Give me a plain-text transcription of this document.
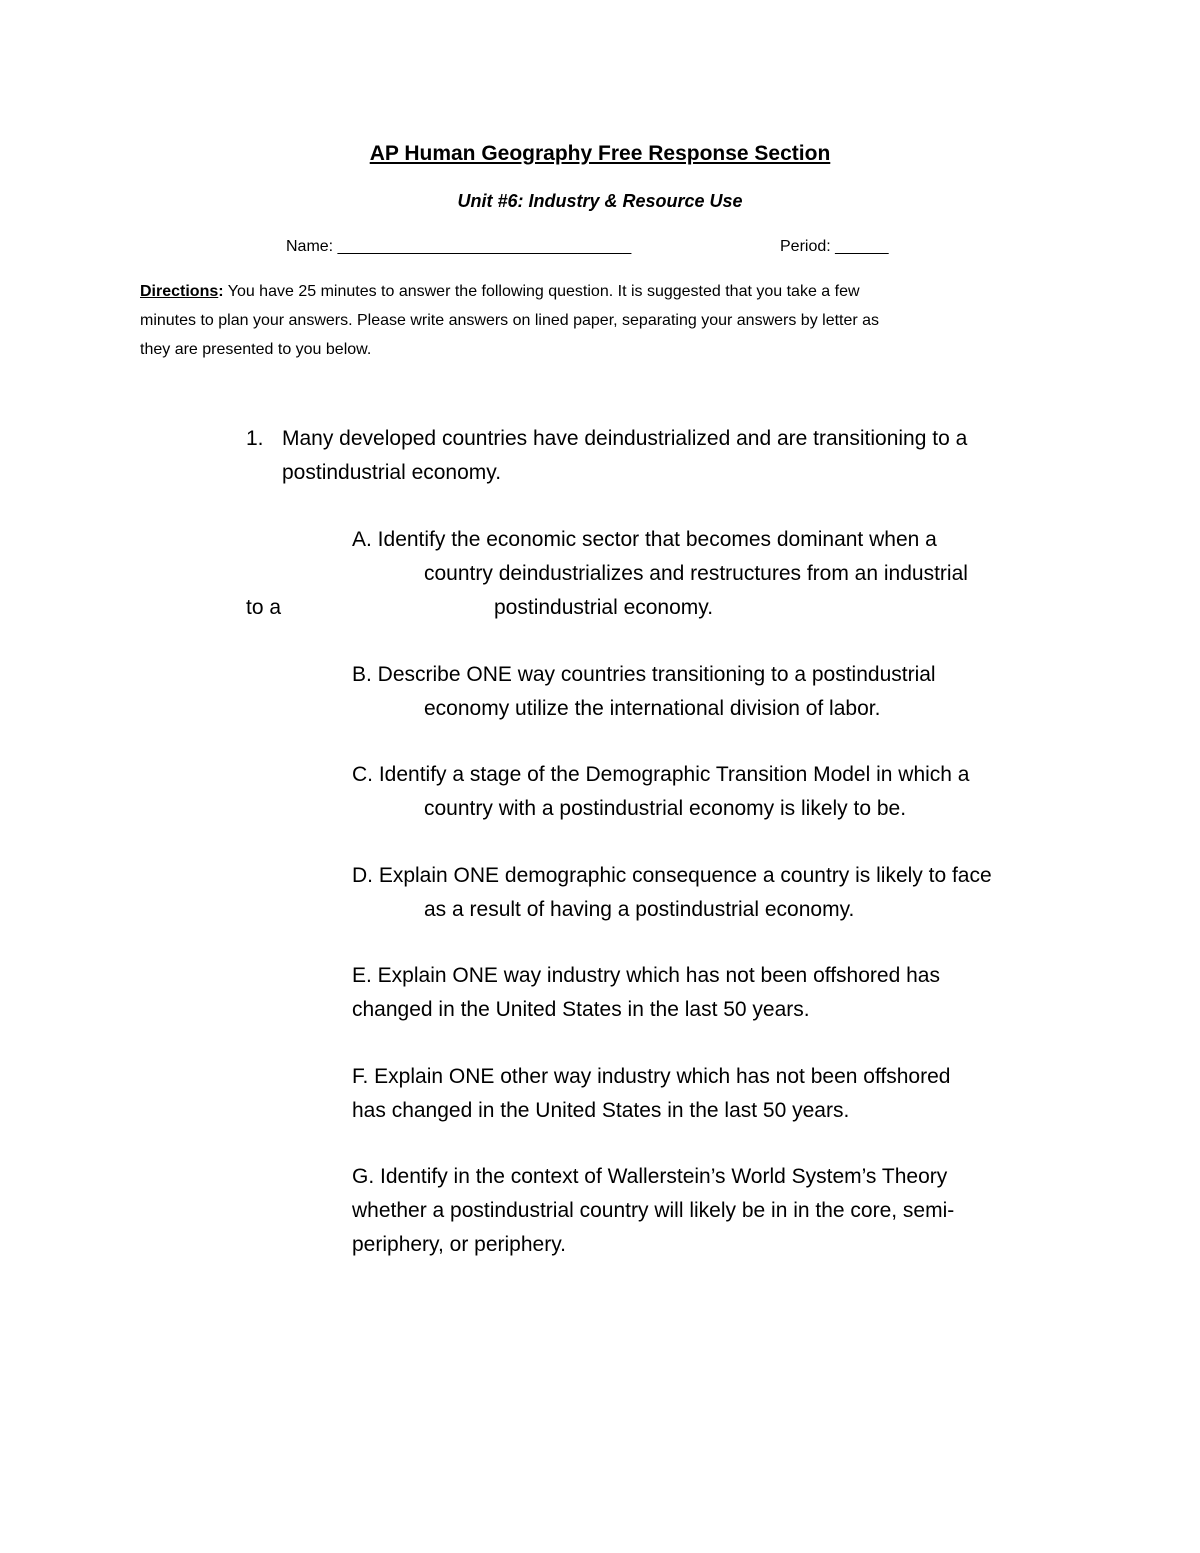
AP Human Geography Free Response Section
Unit #6: Industry & Resource Use
Name: _________________________________	Period: ______
Directions: You have 25 minutes to answer the following question. It is suggested that you take a few
minutes to plan your answers. Please write answers on lined paper, separating your answers by letter as
they are presented to you below.
1. Many developed countries have deindustrialized and are transitioning to a
postindustrial economy.
A. Identify the economic sector that becomes dominant when a
country deindustrializes and restructures from an industrial
to a	postindustrial economy.
B. Describe ONE way countries transitioning to a postindustrial
economy utilize the international division of labor.
C. Identify a stage of the Demographic Transition Model in which a
country with a postindustrial economy is likely to be.
D. Explain ONE demographic consequence a country is likely to face
as a result of having a postindustrial economy.
E. Explain ONE way industry which has not been offshored has
changed in the United States in the last 50 years.
F. Explain ONE other way industry which has not been offshored
has changed in the United States in the last 50 years.
G. Identify in the context of Wallerstein’s World System’s Theory
whether a postindustrial country will likely be in in the core, semi-
periphery, or periphery.
